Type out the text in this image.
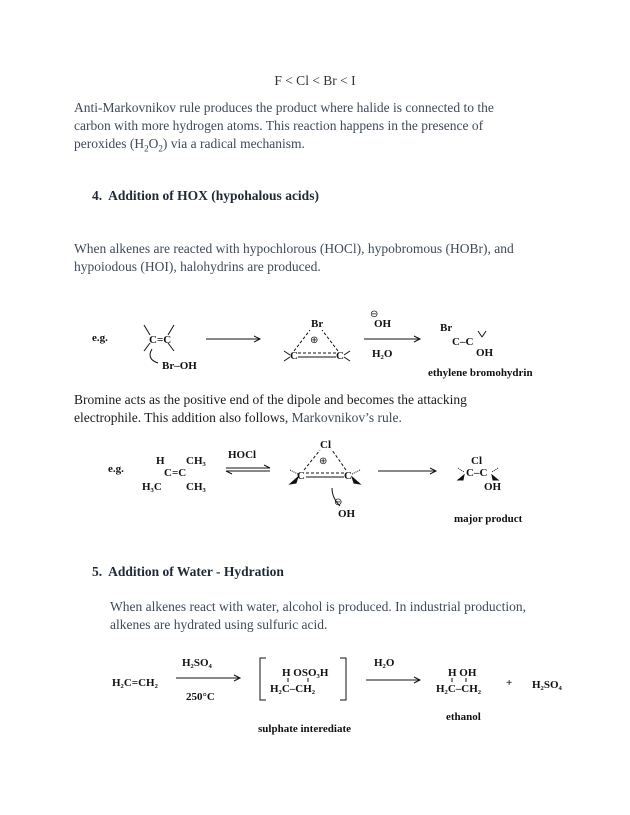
F < Cl < Br < I
Anti-Markovnikov rule produces the product where halide is connected to the
carbon with more hydrogen atoms. This reaction happens in the presence of
peroxides $(H_2O_2)$ via a radical mechanism.
4. Addition of HOX (hypohalous acids)
When alkenes are reacted with hypochlorous (HOCl), hypobromous (HOBr), and
hypoiodous (HOI), halohydrins are produced.
e.g.	C=C
Br–OH
Br
⊕
C	C
⊖
OH
H₂O
Br
C–C
OH
ethylene bromohydrin
Bromine acts as the positive end of the dipole and becomes the attacking
electrophile. This addition also follows, Markovnikov’s rule.
e.g.
H CH₃
C=C
H₃C CH₃
HOCl
Cl
⊕
C	C
⊖
OH
Cl
C–C
OH
major product
5. Addition of Water - Hydration
When alkenes react with water, alcohol is produced. In industrial production,
alkenes are hydrated using sulfuric acid.
H₂C=CH₂
H₂SO₄
250°C
H OSO₃H
H₂C–CH₂
sulphate interediate
H₂O
H OH
H₂C–CH₂
ethanol
+ H₂SO₄
